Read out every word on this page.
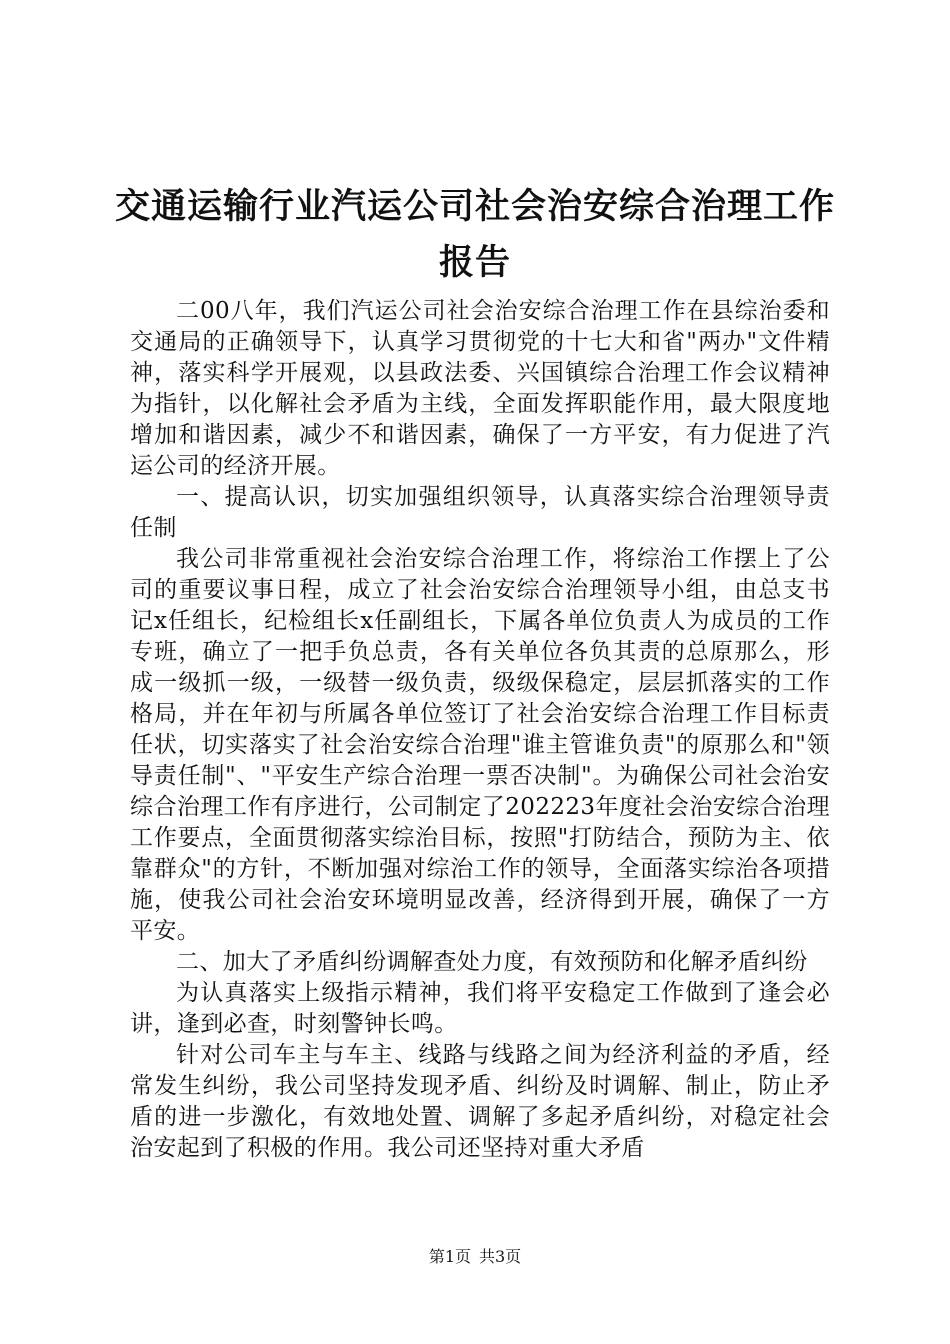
交通运输行业汽运公司社会治安综合治理工作
报告

二00八年，我们汽运公司社会治安综合治理工作在县综治委和交通局的正确领导下，认真学习贯彻党的十七大和省"两办"文件精神，落实科学开展观，以县政法委、兴国镇综合治理工作会议精神为指针，以化解社会矛盾为主线，全面发挥职能作用，最大限度地增加和谐因素，减少不和谐因素，确保了一方平安，有力促进了汽运公司的经济开展。

一、提高认识，切实加强组织领导，认真落实综合治理领导责任制

我公司非常重视社会治安综合治理工作，将综治工作摆上了公司的重要议事日程，成立了社会治安综合治理领导小组，由总支书记x任组长，纪检组长x任副组长，下属各单位负责人为成员的工作专班，确立了一把手负总责，各有关单位各负其责的总原那么，形成一级抓一级，一级替一级负责，级级保稳定，层层抓落实的工作格局，并在年初与所属各单位签订了社会治安综合治理工作目标责任状，切实落实了社会治安综合治理"谁主管谁负责"的原那么和"领导责任制"、"平安生产综合治理一票否决制"。为确保公司社会治安综合治理工作有序进行，公司制定了202223年度社会治安综合治理工作要点，全面贯彻落实综治目标，按照"打防结合，预防为主、依靠群众"的方针，不断加强对综治工作的领导，全面落实综治各项措施，使我公司社会治安环境明显改善，经济得到开展，确保了一方平安。

二、加大了矛盾纠纷调解查处力度，有效预防和化解矛盾纠纷

为认真落实上级指示精神，我们将平安稳定工作做到了逢会必讲，逢到必查，时刻警钟长鸣。

针对公司车主与车主、线路与线路之间为经济利益的矛盾，经常发生纠纷，我公司坚持发现矛盾、纠纷及时调解、制止，防止矛盾的进一步激化，有效地处置、调解了多起矛盾纠纷，对稳定社会治安起到了积极的作用。我公司还坚持对重大矛盾

第1页 共3页
